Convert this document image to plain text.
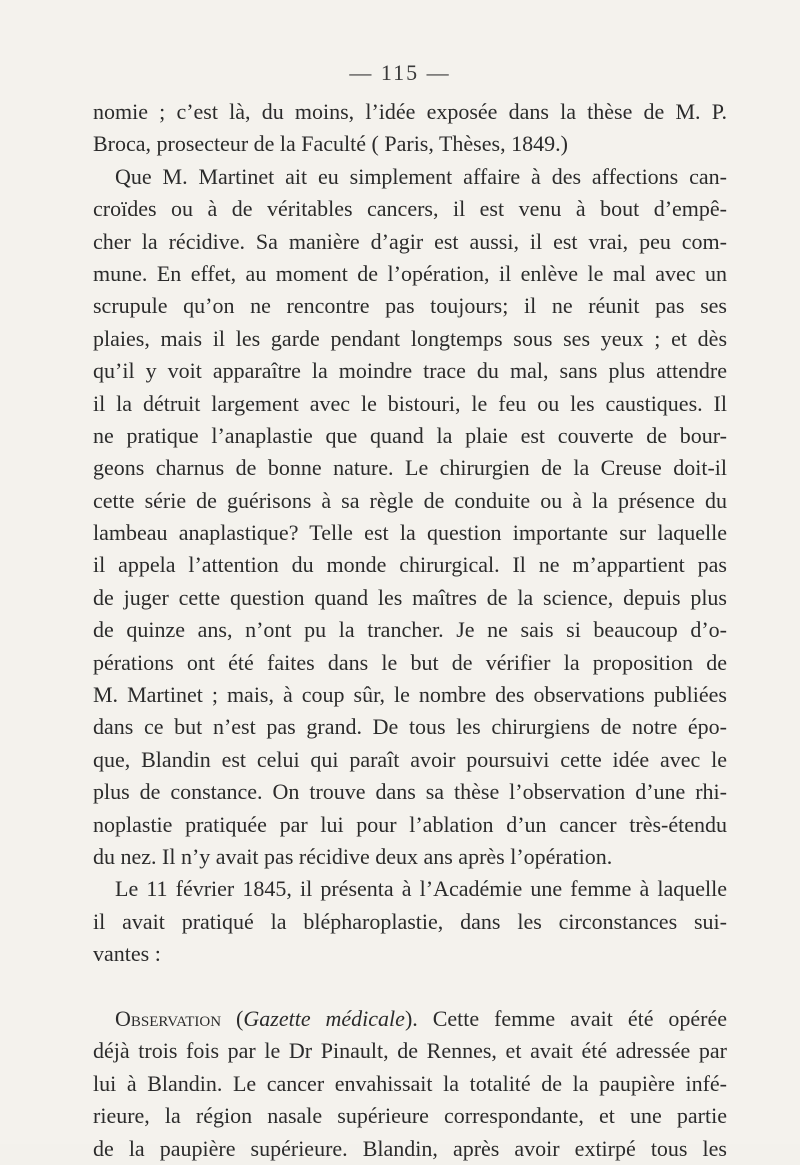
— 115 —
nomie ; c’est là, du moins, l’idée exposée dans la thèse de M. P.
Broca, prosecteur de la Faculté ( Paris, Thèses, 1849.)
Que M. Martinet ait eu simplement affaire à des affections can-
croïdes ou à de véritables cancers, il est venu à bout d’empê-
cher la récidive. Sa manière d’agir est aussi, il est vrai, peu com-
mune. En effet, au moment de l’opération, il enlève le mal avec un
scrupule qu’on ne rencontre pas toujours; il ne réunit pas ses
plaies, mais il les garde pendant longtemps sous ses yeux ; et dès
qu’il y voit apparaître la moindre trace du mal, sans plus attendre
il la détruit largement avec le bistouri, le feu ou les caustiques. Il
ne pratique l’anaplastie que quand la plaie est couverte de bour-
geons charnus de bonne nature. Le chirurgien de la Creuse doit-il
cette série de guérisons à sa règle de conduite ou à la présence du
lambeau anaplastique? Telle est la question importante sur laquelle
il appela l’attention du monde chirurgical. Il ne m’appartient pas
de juger cette question quand les maîtres de la science, depuis plus
de quinze ans, n’ont pu la trancher. Je ne sais si beaucoup d’o-
pérations ont été faites dans le but de vérifier la proposition de
M. Martinet ; mais, à coup sûr, le nombre des observations publiées
dans ce but n’est pas grand. De tous les chirurgiens de notre épo-
que, Blandin est celui qui paraît avoir poursuivi cette idée avec le
plus de constance. On trouve dans sa thèse l’observation d’une rhi-
noplastie pratiquée par lui pour l’ablation d’un cancer très-étendu
du nez. Il n’y avait pas récidive deux ans après l’opération.
Le 11 février 1845, il présenta à l’Académie une femme à laquelle
il avait pratiqué la blépharoplastie, dans les circonstances sui-
vantes :
Observation (Gazette médicale). Cette femme avait été opérée
déjà trois fois par le Dr Pinault, de Rennes, et avait été adressée par
lui à Blandin. Le cancer envahissait la totalité de la paupière infé-
rieure, la région nasale supérieure correspondante, et une partie
de la paupière supérieure. Blandin, après avoir extirpé tous les
